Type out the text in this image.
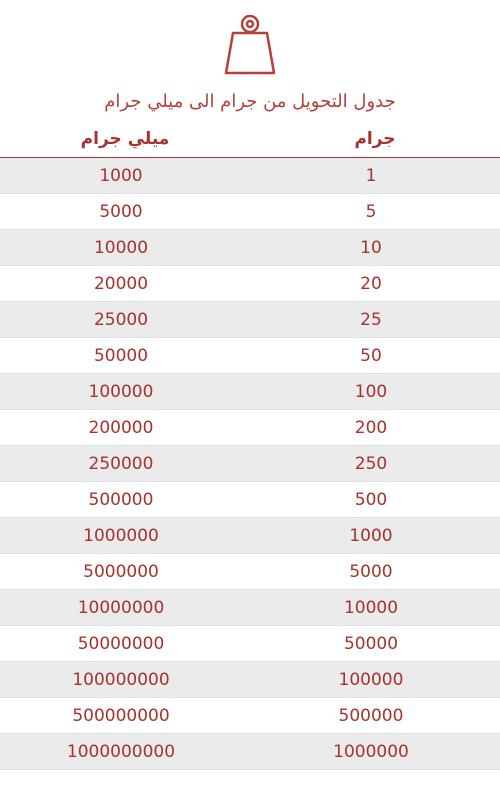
جدول التحويل من جرام الى ميلي جرام
ميلي جرام	جرام
1000	1
5000	5
10000	10
20000	20
25000	25
50000	50
100000	100
200000	200
250000	250
500000	500
1000000	1000
5000000	5000
10000000	10000
50000000	50000
100000000	100000
500000000	500000
1000000000	1000000
